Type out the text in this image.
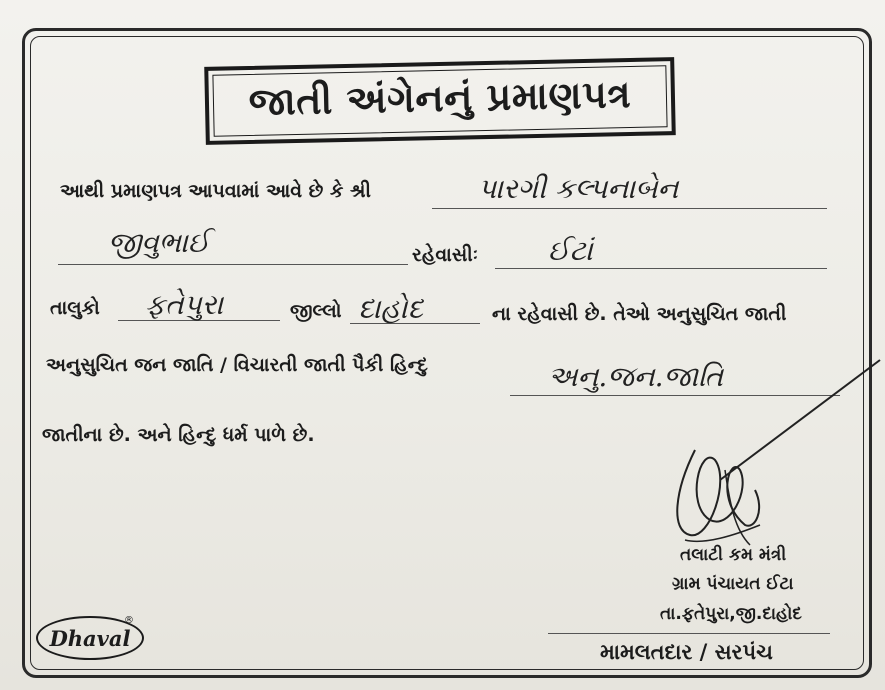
જાતી અંગેનનું પ્રમાણપત્ર
આથી પ્રમાણપત્ર આપવામાં આવે છે કે શ્રી	પારગી કલ્પનાબેન
જીવુભાઈ	રહેવાસીઃ ઈટાં
તાલુકો ફતેપુરા	જીલ્લો દાહોદ	ના રહેવાસી છે. તેઓ અનુસુચિત જાતી
અનુસુચિત જન જાતિ / વિચારતી જાતી પૈકી હિન્દુ	અનુ.જન.જાતિ
જાતીના છે. અને હિન્દુ ધર્મ પાળે છે.
તલાટી કમ મંત્રી
ગ્રામ પંચાયત ઈટા
તા.ફતેપુરા,જી.દાહોદ
મામલતદાર / સરપંચ
Dhaval
®
